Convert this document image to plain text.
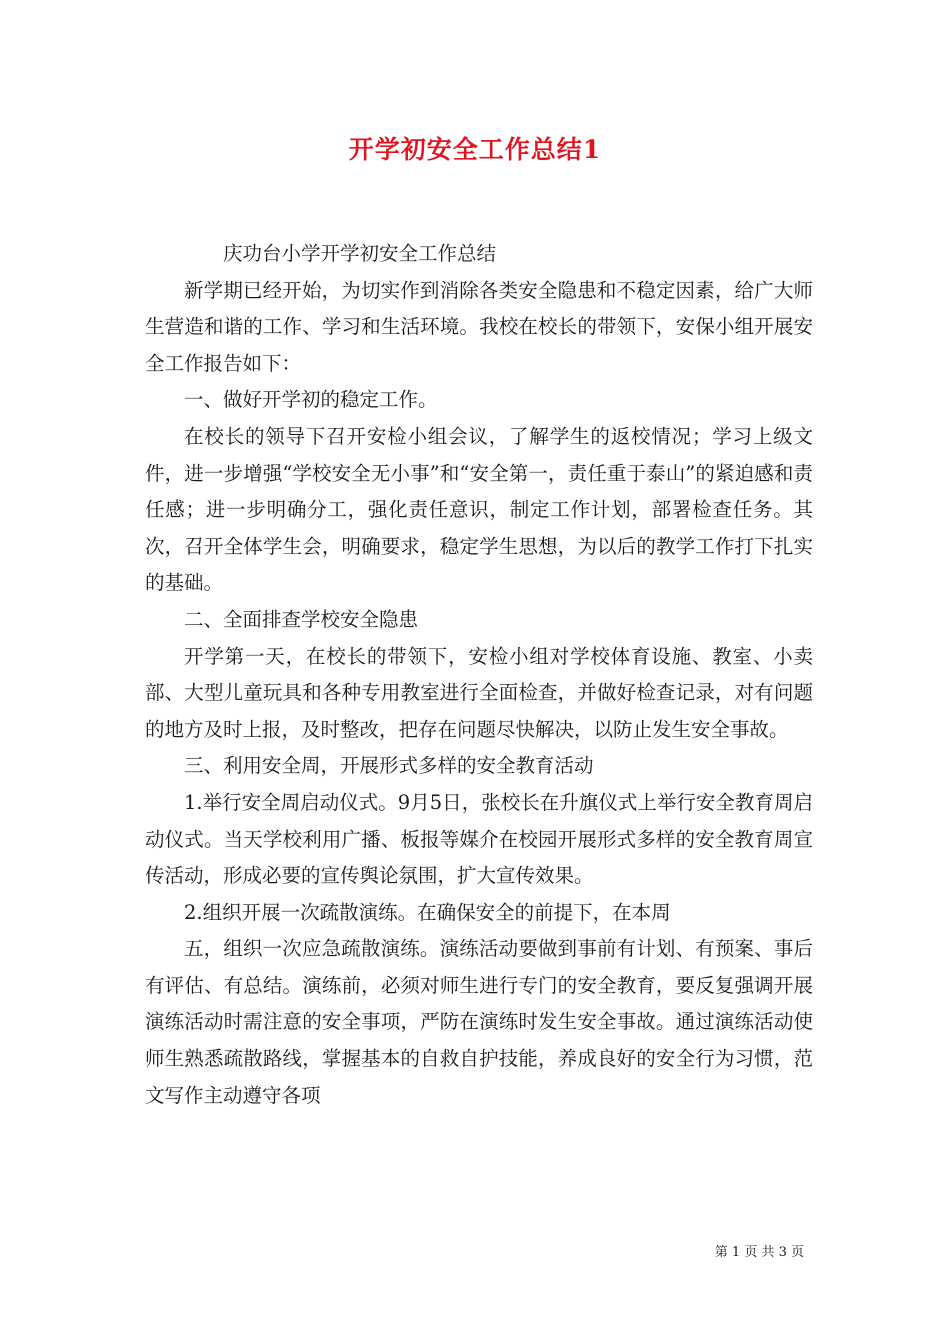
开学初安全工作总结1

庆功台小学开学初安全工作总结

新学期已经开始，为切实作到消除各类安全隐患和不稳定因素，给广大师生营造和谐的工作、学习和生活环境。我校在校长的带领下，安保小组开展安全工作报告如下：

一、做好开学初的稳定工作。

在校长的领导下召开安检小组会议，了解学生的返校情况；学习上级文件，进一步增强“学校安全无小事”和“安全第一，责任重于泰山”的紧迫感和责任感；进一步明确分工，强化责任意识，制定工作计划，部署检查任务。其次，召开全体学生会，明确要求，稳定学生思想，为以后的教学工作打下扎实的基础。

二、全面排查学校安全隐患

开学第一天，在校长的带领下，安检小组对学校体育设施、教室、小卖部、大型儿童玩具和各种专用教室进行全面检查，并做好检查记录，对有问题的地方及时上报，及时整改，把存在问题尽快解决，以防止发生安全事故。

三、利用安全周，开展形式多样的安全教育活动

1.举行安全周启动仪式。9月5日，张校长在升旗仪式上举行安全教育周启动仪式。当天学校利用广播、板报等媒介在校园开展形式多样的安全教育周宣传活动，形成必要的宣传舆论氛围，扩大宣传效果。

2.组织开展一次疏散演练。在确保安全的前提下，在本周

五，组织一次应急疏散演练。演练活动要做到事前有计划、有预案、事后有评估、有总结。演练前，必须对师生进行专门的安全教育，要反复强调开展演练活动时需注意的安全事项，严防在演练时发生安全事故。通过演练活动使师生熟悉疏散路线，掌握基本的自救自护技能，养成良好的安全行为习惯，范文写作主动遵守各项

第 1 页 共 3 页
